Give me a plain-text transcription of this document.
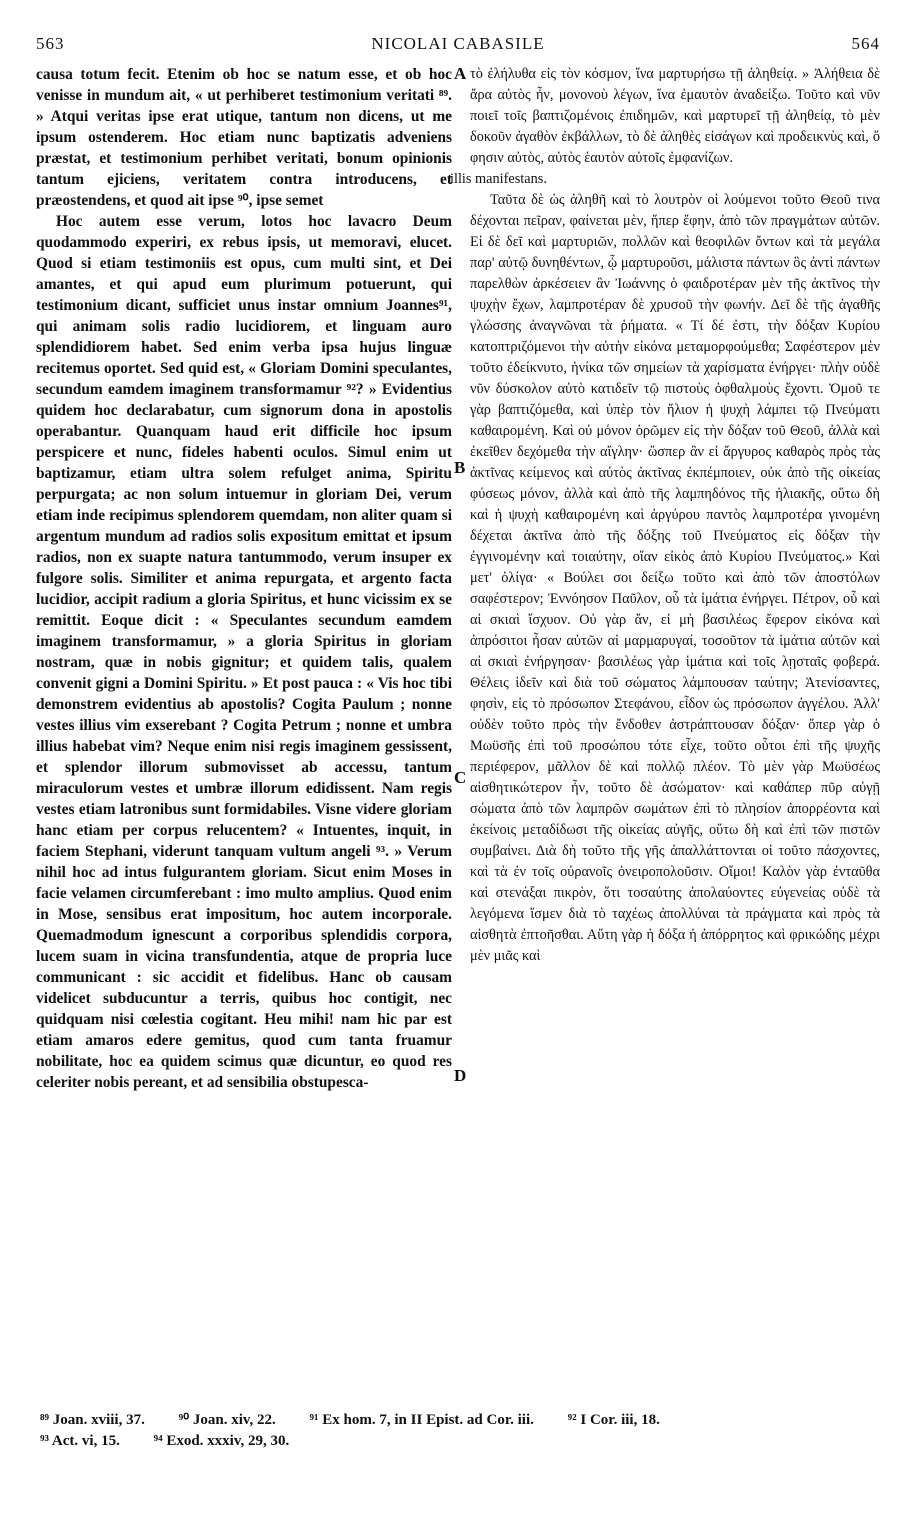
563	NICOLAI CABASILE	564

causa totum fecit. Etenim ob hoc se natum esse, et ob hoc venisse in mundum ait, « ut perhiberet testimonium veritati ⁸⁹. » Atqui veritas ipse erat utique, tantum non dicens, ut me ipsum ostenderem. Hoc etiam nunc baptizatis adveniens præstat, et testimonium perhibet veritati, bonum opinionis tantum ejiciens, veritatem contra introducens, et præostendens, et quod ait ipse ⁹⁰, ipse semet

Hoc autem esse verum, lotos hoc lavacro Deum quodammodo experiri, ex rebus ipsis, ut memoravi, elucet. Quod si etiam testimoniis est opus, cum multi sint, et Dei amantes, et qui apud eum plurimum potuerunt, qui testimonium dicant, sufficiet unus instar omnium Joannes⁹¹, qui animam solis radio lucidiorem, et linguam auro splendidiorem habet. Sed enim verba ipsa hujus linguæ recitemus oportet. Sed quid est, « Gloriam Domini speculantes, secundum eamdem imaginem transformamur ⁹²? » Evidentius quidem hoc declarabatur, cum signorum dona in apostolis operabantur. Quanquam haud erit difficile hoc ipsum perspicere et nunc, fideles habenti oculos. Simul enim ut baptizamur, etiam ultra solem refulget anima, Spiritu perpurgata; ac non solum intuemur in gloriam Dei, verum etiam inde recipimus splendorem quemdam, non aliter quam si argentum mundum ad radios solis expositum emittat et ipsum radios, non ex suapte natura tantummodo, verum insuper ex fulgore solis. Similiter et anima repurgata, et argento facta lucidior, accipit radium a gloria Spiritus, et hunc vicissim ex se remittit. Eoque dicit : « Speculantes secundum eamdem imaginem transformamur, » a gloria Spiritus in gloriam nostram, quæ in nobis gignitur; et quidem talis, qualem convenit gigni a Domini Spiritu. » Et post pauca : « Vis hoc tibi demonstrem evidentius ab apostolis? Cogita Paulum ; nonne vestes illius vim exserebant ? Cogita Petrum ; nonne et umbra illius habebat vim? Neque enim nisi regis imaginem gessissent, et splendor illorum submovisset ab accessu, tantum miraculorum vestes et umbræ illorum edidissent. Nam regis vestes etiam latronibus sunt formidabiles. Visne videre gloriam hanc etiam per corpus relucentem? « Intuentes, inquit, in faciem Stephani, viderunt tanquam vultum angeli ⁹³. » Verum nihil hoc ad intus fulgurantem gloriam. Sicut enim Moses in facie velamen circumferebant : imo multo amplius. Quod enim in Mose, sensibus erat impositum, hoc autem incorporale. Quemadmodum ignescunt a corporibus splendidis corpora, lucem suam in vicina transfundentia, atque de propria luce communicant : sic accidit et fidelibus. Hanc ob causam videlicet subducuntur a terris, quibus hoc contigit, nec quidquam nisi cœlestia cogitant. Heu mihi! nam hic par est etiam amaros edere gemitus, quod cum tanta fruamur nobilitate, hoc ea quidem scimus quæ dicuntur, eo quod res celeriter nobis pereant, et ad sensibilia obstupesca-

A
B
C
D

τὸ ἐλήλυθα εἰς τὸν κόσμον, ἵνα μαρτυρήσω τῇ ἀληθείᾳ. » Ἀλήθεια δὲ ἄρα αὐτὸς ἦν, μονονοὺ λέγων, ἵνα ἐμαυτὸν ἀναδείξω. Τοῦτο καὶ νῦν ποιεῖ τοῖς βαπτιζομένοις ἐπιδημῶν, καὶ μαρτυρεῖ τῇ ἀληθείᾳ, τὸ μὲν δοκοῦν ἀγαθὸν ἐκβάλλων, τὸ δὲ ἀληθὲς εἰσάγων καὶ προδεικνὺς καὶ, ὅ φησιν αὐτὸς, αὐτὸς ἑαυτὸν αὐτοῖς ἐμφανίζων.

illis manifestans.

Ταῦτα δὲ ὡς ἀληθῆ καὶ τὸ λουτρὸν οἱ λούμενοι τοῦτο Θεοῦ τινα δέχονται πεῖραν, φαίνεται μὲν, ἥπερ ἔφην, ἀπὸ τῶν πραγμάτων αὐτῶν. Εἰ δὲ δεῖ καὶ μαρτυριῶν, πολλῶν καὶ θεοφιλῶν ὄντων καὶ τὰ μεγάλα παρ' αὐτῷ δυνηθέντων, ᾧ μαρτυροῦσι, μάλιστα πάντων ὃς ἀντὶ πάντων παρελθὼν ἀρκέσειεν ἂν Ἰωάννης ὁ φαιδροτέραν μὲν τῆς ἀκτῖνος τὴν ψυχὴν ἔχων, λαμπροτέραν δὲ χρυσοῦ τὴν φωνήν. Δεῖ δὲ τῆς ἀγαθῆς γλώσσης ἀναγνῶναι τὰ ῥήματα. « Τί δέ ἐστι, τὴν δόξαν Κυρίου κατοπτριζόμενοι τὴν αὐτὴν εἰκόνα μεταμορφούμεθα; Σαφέστερον μὲν τοῦτο ἐδείκνυτο, ἡνίκα τῶν σημείων τὰ χαρίσματα ἐνήργει· πλὴν οὐδὲ νῦν δύσκολον αὐτὸ κατιδεῖν τῷ πιστοὺς ὀφθαλμοὺς ἔχοντι. Ὁμοῦ τε γὰρ βαπτιζόμεθα, καὶ ὑπὲρ τὸν ἥλιον ἡ ψυχὴ λάμπει τῷ Πνεύματι καθαιρομένη. Καὶ οὐ μόνον ὁρῶμεν εἰς τὴν δόξαν τοῦ Θεοῦ, ἀλλὰ καὶ ἐκεῖθεν δεχόμεθα τὴν αἴγλην· ὥσπερ ἂν εἰ ἄργυρος καθαρὸς πρὸς τὰς ἀκτῖνας κείμενος καὶ αὐτὸς ἀκτῖνας ἐκπέμποιεν, οὐκ ἀπὸ τῆς οἰκείας φύσεως μόνον, ἀλλὰ καὶ ἀπὸ τῆς λαμπηδόνος τῆς ἡλιακῆς, οὕτω δὴ καὶ ἡ ψυχὴ καθαιρομένη καὶ ἀργύρου παντὸς λαμπροτέρα γινομένη δέχεται ἀκτῖνα ἀπὸ τῆς δόξης τοῦ Πνεύματος εἰς δόξαν τὴν ἐγγινομένην καὶ τοιαύτην, οἵαν εἰκὸς ἀπὸ Κυρίου Πνεύματος.» Καὶ μετ' ὀλίγα· « Βούλει σοι δείξω τοῦτο καὶ ἀπὸ τῶν ἀποστόλων σαφέστερον; Ἐννόησον Παῦλον, οὗ τὰ ἱμάτια ἐνήργει. Πέτρον, οὗ καὶ αἱ σκιαὶ ἴσχυον. Οὐ γὰρ ἄν, εἰ μὴ βασιλέως ἔφερον εἰκόνα καὶ ἀπρόσιτοι ἦσαν αὐτῶν αἱ μαρμαρυγαί, τοσοῦτον τὰ ἱμάτια αὐτῶν καὶ αἱ σκιαὶ ἐνήργησαν· βασιλέως γὰρ ἱμάτια καὶ τοῖς λῃσταῖς φοβερά. Θέλεις ἰδεῖν καὶ διὰ τοῦ σώματος λάμπουσαν ταύτην; Ἀτενίσαντες, φησὶν, εἰς τὸ πρόσωπον Στεφάνου, εἶδον ὡς πρόσωπον ἀγγέλου. Ἀλλ' οὐδὲν τοῦτο πρὸς τὴν ἔνδοθεν ἀστράπτουσαν δόξαν· ὅπερ γὰρ ὁ Μωϋσῆς ἐπὶ τοῦ προσώπου τότε εἶχε, τοῦτο οὗτοι ἐπὶ τῆς ψυχῆς περιέφερον, μᾶλλον δὲ καὶ πολλῷ πλέον. Τὸ μὲν γὰρ Μωϋσέως αἰσθητικώτερον ἦν, τοῦτο δὲ ἀσώματον· καὶ καθάπερ πῦρ αὐγῇ σώματα ἀπὸ τῶν λαμπρῶν σωμάτων ἐπὶ τὸ πλησίον ἀπορρέοντα καὶ ἐκείνοις μεταδίδωσι τῆς οἰκείας αὐγῆς, οὕτω δὴ καὶ ἐπὶ τῶν πιστῶν συμβαίνει. Διὰ δὴ τοῦτο τῆς γῆς ἀπαλλάττονται οἱ τοῦτο πάσχοντες, καὶ τὰ ἐν τοῖς οὐρανοῖς ὀνειροπολοῦσιν. Οἴμοι! Καλὸν γὰρ ἐνταῦθα καὶ στενάξαι πικρὸν, ὅτι τοσαύτης ἀπολαύοντες εὐγενείας οὐδὲ τὰ λεγόμενα ἴσμεν διὰ τὸ ταχέως ἀπολλύναι τὰ πράγματα καὶ πρὸς τὰ αἰσθητὰ ἐπτοῆσθαι. Αὕτη γὰρ ἡ δόξα ἡ ἀπόρρητος καὶ φρικώδης μέχρι μὲν μιᾶς καὶ

⁸⁹ Joan. xviii, 37. ⁹⁰ Joan. xiv, 22. ⁹¹ Ex hom. 7, in II Epist. ad Cor. iii. ⁹² I Cor. iii, 18.
⁹³ Act. vi, 15. ⁹⁴ Exod. xxxiv, 29, 30.
